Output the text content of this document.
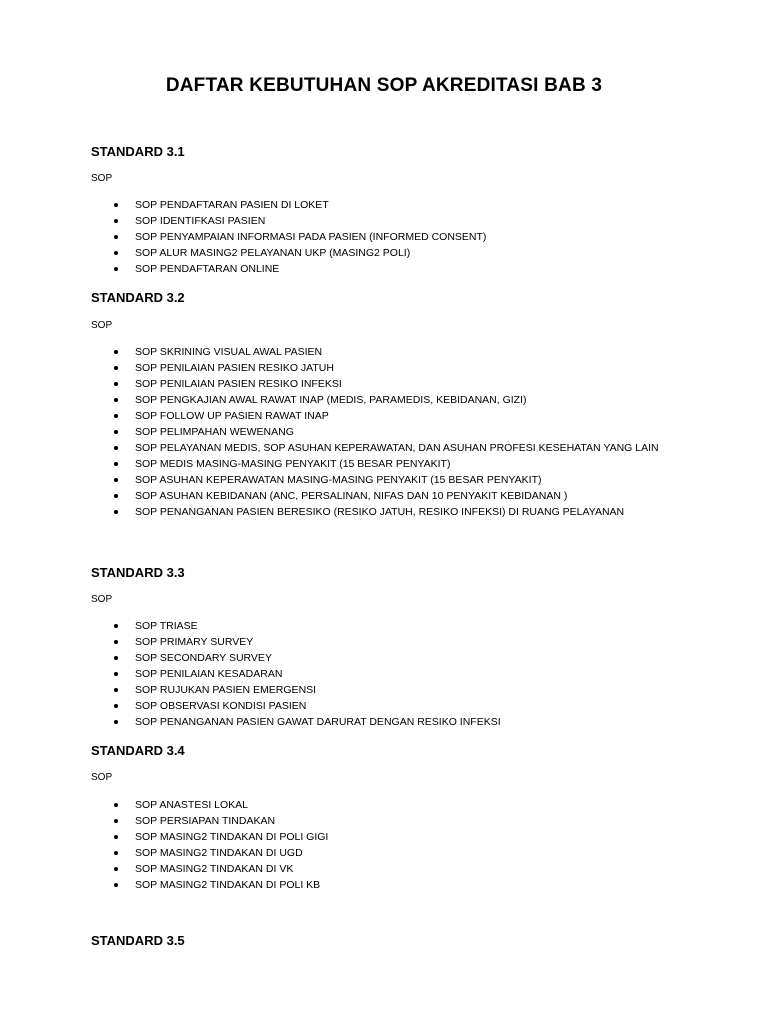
DAFTAR KEBUTUHAN SOP AKREDITASI BAB 3
STANDARD 3.1
SOP
SOP PENDAFTARAN PASIEN DI LOKET
SOP IDENTIFKASI PASIEN
SOP PENYAMPAIAN INFORMASI PADA PASIEN (INFORMED CONSENT)
SOP ALUR MASING2 PELAYANAN UKP (MASING2 POLI)
SOP PENDAFTARAN ONLINE
STANDARD 3.2
SOP
SOP SKRINING VISUAL AWAL PASIEN
SOP PENILAIAN PASIEN RESIKO JATUH
SOP PENILAIAN PASIEN RESIKO INFEKSI
SOP PENGKAJIAN AWAL RAWAT INAP (MEDIS, PARAMEDIS, KEBIDANAN, GIZI)
SOP FOLLOW UP PASIEN RAWAT INAP
SOP PELIMPAHAN WEWENANG
SOP PELAYANAN MEDIS, SOP ASUHAN KEPERAWATAN, DAN ASUHAN PROFESI KESEHATAN YANG LAIN
SOP MEDIS MASING-MASING PENYAKIT (15 BESAR PENYAKIT)
SOP ASUHAN KEPERAWATAN MASING-MASING PENYAKIT (15 BESAR PENYAKIT)
SOP ASUHAN KEBIDANAN (ANC, PERSALINAN, NIFAS DAN 10 PENYAKIT KEBIDANAN )
SOP PENANGANAN PASIEN BERESIKO (RESIKO JATUH, RESIKO INFEKSI) DI RUANG PELAYANAN
STANDARD 3.3
SOP
SOP TRIASE
SOP PRIMARY SURVEY
SOP SECONDARY SURVEY
SOP PENILAIAN KESADARAN
SOP RUJUKAN PASIEN EMERGENSI
SOP OBSERVASI KONDISI PASIEN
SOP PENANGANAN PASIEN GAWAT DARURAT DENGAN RESIKO INFEKSI
STANDARD 3.4
SOP
SOP ANASTESI LOKAL
SOP PERSIAPAN TINDAKAN
SOP MASING2 TINDAKAN DI POLI GIGI
SOP MASING2 TINDAKAN DI UGD
SOP MASING2 TINDAKAN DI VK
SOP MASING2 TINDAKAN DI POLI KB
STANDARD 3.5
